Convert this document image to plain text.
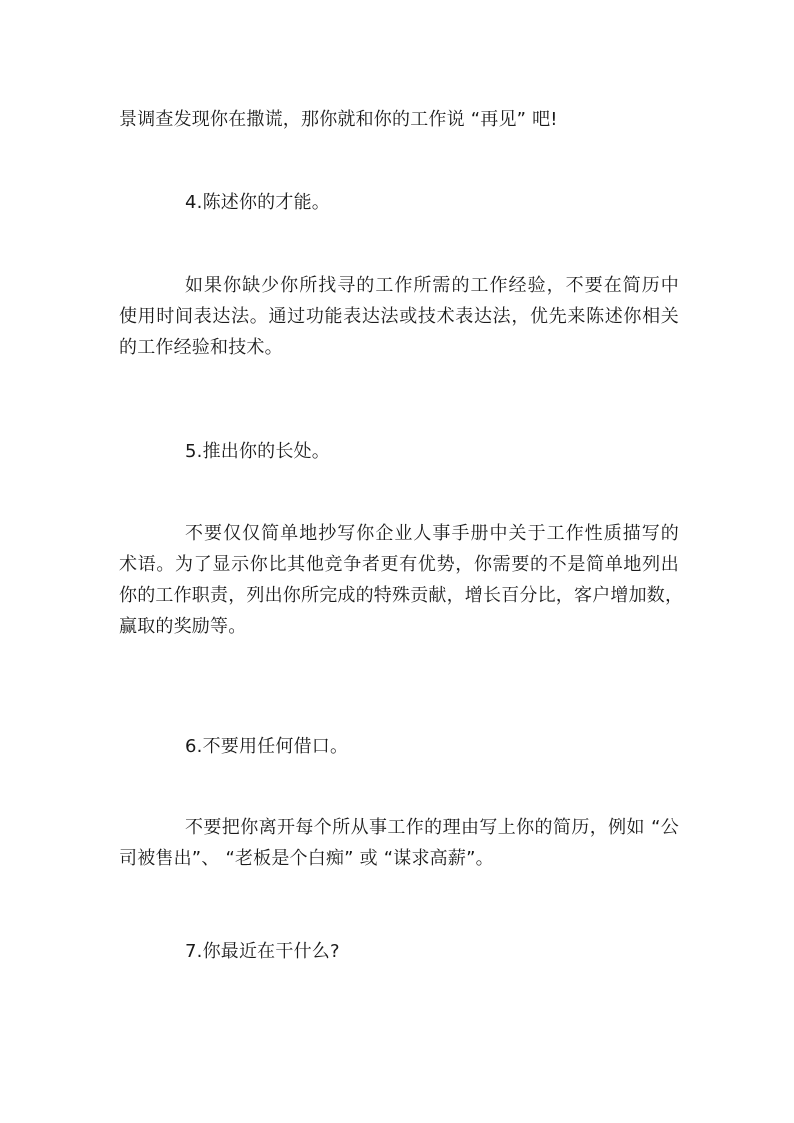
景调查发现你在撒谎，那你就和你的工作说 “再见” 吧!
4.陈述你的才能。
如果你缺少你所找寻的工作所需的工作经验，不要在简历中
使用时间表达法。通过功能表达法或技术表达法，优先来陈述你相关
的工作经验和技术。
5.推出你的长处。
不要仅仅简单地抄写你企业人事手册中关于工作性质描写的
术语。为了显示你比其他竞争者更有优势，你需要的不是简单地列出
你的工作职责，列出你所完成的特殊贡献，增长百分比，客户增加数，
赢取的奖励等。
6.不要用任何借口。
不要把你离开每个所从事工作的理由写上你的简历，例如 “公
司被售出”、 “老板是个白痴” 或 “谋求高薪”。
7.你最近在干什么?
